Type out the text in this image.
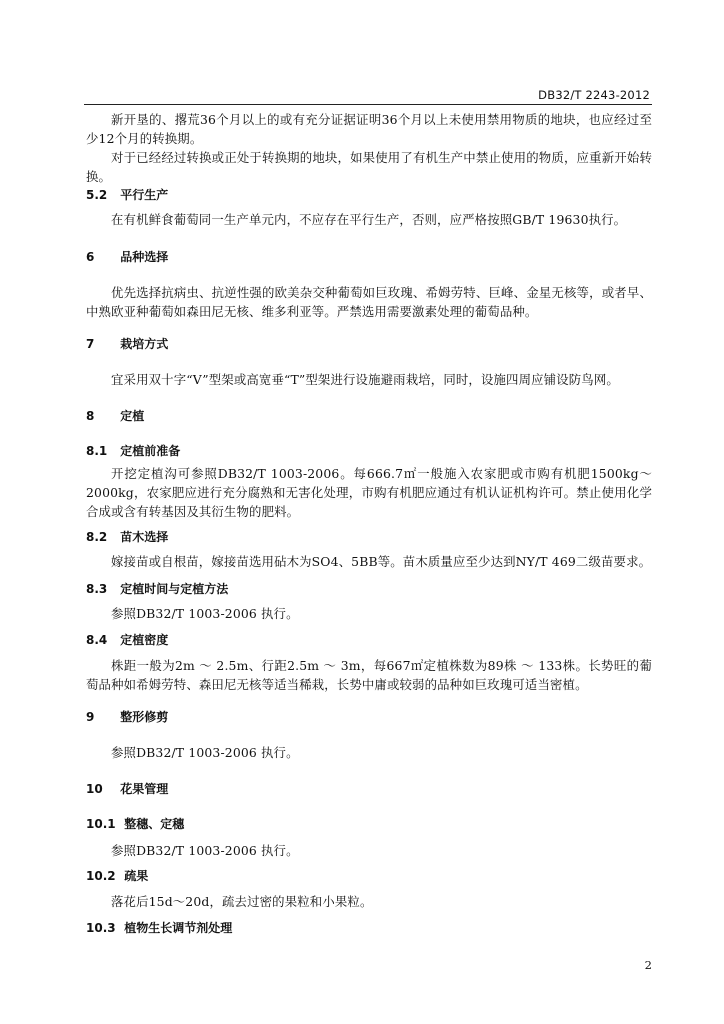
DB32/T 2243-2012
新开垦的、撂荒36个月以上的或有充分证据证明36个月以上未使用禁用物质的地块，也应经过至少12个月的转换期。
对于已经经过转换或正处于转换期的地块，如果使用了有机生产中禁止使用的物质，应重新开始转换。
5.2 平行生产
在有机鲜食葡萄同一生产单元内，不应存在平行生产，否则，应严格按照GB/T 19630执行。
6 品种选择
优先选择抗病虫、抗逆性强的欧美杂交种葡萄如巨玫瑰、希姆劳特、巨峰、金星无核等，或者早、中熟欧亚种葡萄如森田尼无核、维多利亚等。严禁选用需要激素处理的葡萄品种。
7 栽培方式
宜采用双十字“V”型架或高宽垂“T”型架进行设施避雨栽培，同时，设施四周应铺设防鸟网。
8 定植
8.1 定植前准备
开挖定植沟可参照DB32/T 1003-2006。每666.7㎡一般施入农家肥或市购有机肥1500kg～2000kg，农家肥应进行充分腐熟和无害化处理，市购有机肥应通过有机认证机构许可。禁止使用化学合成或含有转基因及其衍生物的肥料。
8.2 苗木选择
嫁接苗或自根苗，嫁接苗选用砧木为SO4、5BB等。苗木质量应至少达到NY/T 469二级苗要求。
8.3 定植时间与定植方法
参照DB32/T 1003-2006 执行。
8.4 定植密度
株距一般为2m ～ 2.5m、行距2.5m ～ 3m，每667㎡定植株数为89株 ～ 133株。长势旺的葡萄品种如希姆劳特、森田尼无核等适当稀栽，长势中庸或较弱的品种如巨玫瑰可适当密植。
9 整形修剪
参照DB32/T 1003-2006 执行。
10 花果管理
10.1 整穗、定穗
参照DB32/T 1003-2006 执行。
10.2 疏果
落花后15d～20d，疏去过密的果粒和小果粒。
10.3 植物生长调节剂处理
2
